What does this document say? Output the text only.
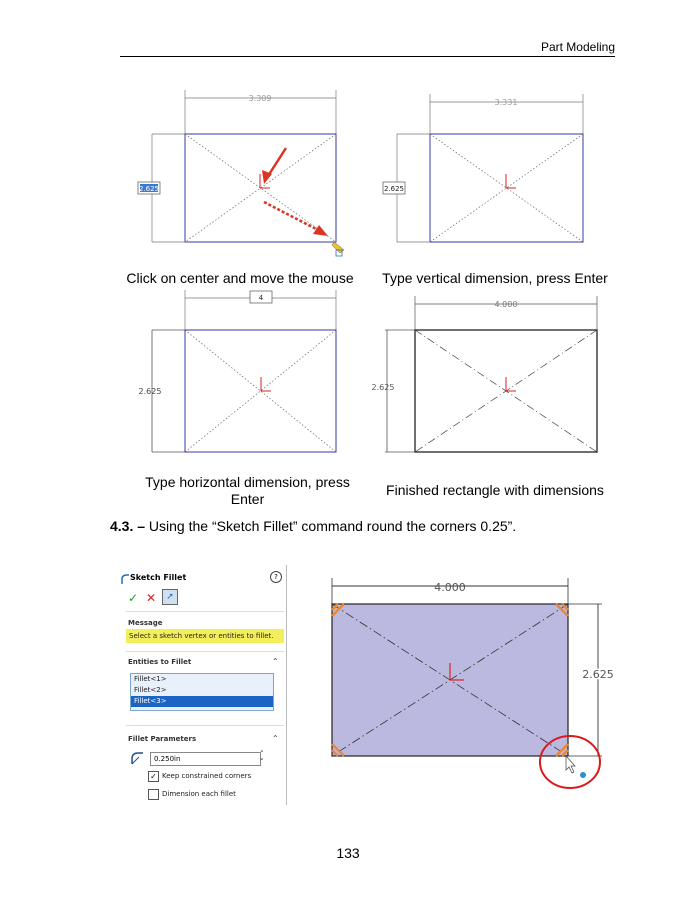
Part Modeling
3.309
2.625
Click on center and move the mouse
3.331
2.625
Type vertical dimension, press Enter
4
2.625
Type horizontal dimension, press Enter
4.000
2.625
Finished rectangle with dimensions
4.3. – Using the “Sketch Fillet” command round the corners 0.25”.
Sketch Fillet	?
✓ ✕	➚
Message
Select a sketch vertex or entities to fillet.
Entities to Fillet	⌃
Fillet<1>
Fillet<2>
Fillet<3>
Fillet Parameters	⌃
0.250in
˄
˅
✓ Keep constrained corners
Dimension each fillet
4.000
2.625
133
